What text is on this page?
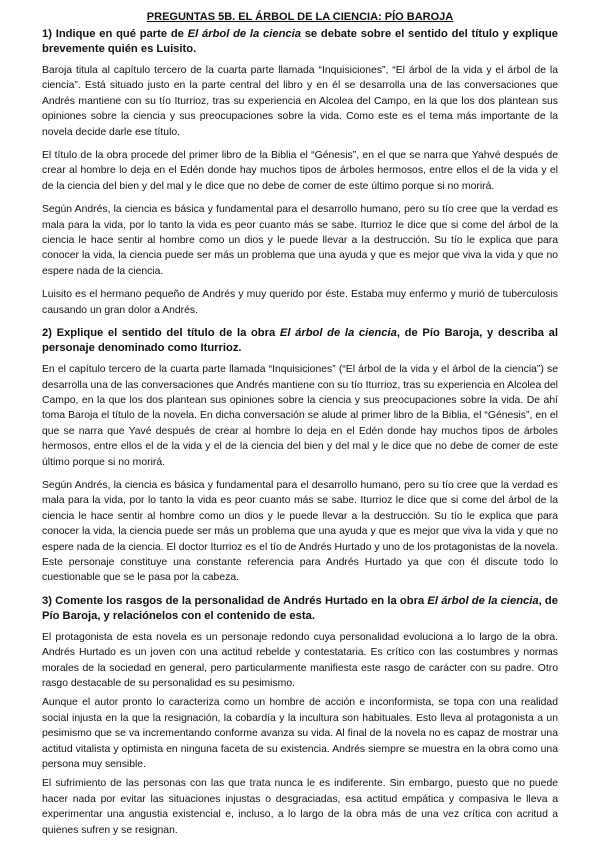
PREGUNTAS 5B. EL ÁRBOL DE LA CIENCIA: PÍO BAROJA
1) Indique en qué parte de El árbol de la ciencia se debate sobre el sentido del título y explique brevemente quién es Luisito.

Baroja titula al capítulo tercero de la cuarta parte llamada “Inquisiciones”, “El árbol de la vida y el árbol de la ciencia”. Está situado justo en la parte central del libro y en él se desarrolla una de las conversaciones que Andrés mantiene con su tío Iturrioz, tras su experiencia en Alcolea del Campo, en la que los dos plantean sus opiniones sobre la ciencia y sus preocupaciones sobre la vida. Como este es el tema más importante de la novela decide darle ese título.

El título de la obra procede del primer libro de la Biblia el “Génesis”, en el que se narra que Yahvé después de crear al hombre lo deja en el Edén donde hay muchos tipos de árboles hermosos, entre ellos el de la vida y el de la ciencia del bien y del mal y le dice que no debe de comer de este último porque si no morirá.

Según Andrés, la ciencia es básica y fundamental para el desarrollo humano, pero su tío cree que la verdad es mala para la vida, por lo tanto la vida es peor cuanto más se sabe. Iturrioz le dice que si come del árbol de la ciencia le hace sentir al hombre como un dios y le puede llevar a la destrucción. Su tío le explica que para conocer la vida, la ciencia puede ser más un problema que una ayuda y que es mejor que viva la vida y que no espere nada de la ciencia.

Luisito es el hermano pequeño de Andrés y muy querido por éste. Estaba muy enfermo y murió de tuberculosis causando un gran dolor a Andrés.

2) Explique el sentido del título de la obra El árbol de la ciencia, de Pío Baroja, y describa al personaje denominado como Iturrioz.

En el capítulo tercero de la cuarta parte llamada “Inquisiciones” (“El árbol de la vida y el árbol de la ciencia”) se desarrolla una de las conversaciones que Andrés mantiene con su tío Iturrioz, tras su experiencia en Alcolea del Campo, en la que los dos plantean sus opiniones sobre la ciencia y sus preocupaciones sobre la vida. De ahí toma Baroja el título de la novela. En dicha conversación se alude al primer libro de la Biblia, el “Génesis”, en el que se narra que Yavé después de crear al hombre lo deja en el Edén donde hay muchos tipos de árboles hermosos, entre ellos el de la vida y el de la ciencia del bien y del mal y le dice que no debe de comer de este último porque si no morirá.

Según Andrés, la ciencia es básica y fundamental para el desarrollo humano, pero su tío cree que la verdad es mala para la vida, por lo tanto la vida es peor cuanto más se sabe. Iturrioz le dice que si come del árbol de la ciencia le hace sentir al hombre como un dios y le puede llevar a la destrucción. Su tío le explica que para conocer la vida, la ciencia puede ser más un problema que una ayuda y que es mejor que viva la vida y que no espere nada de la ciencia. El doctor Iturrioz es el tío de Andrés Hurtado y uno de los protagonistas de la novela. Este personaje constituye una constante referencia para Andrés Hurtado ya que con él discute todo lo cuestionable que se le pasa por la cabeza.

3) Comente los rasgos de la personalidad de Andrés Hurtado en la obra El árbol de la ciencia, de Pío Baroja, y relaciónelos con el contenido de esta.

El protagonista de esta novela es un personaje redondo cuya personalidad evoluciona a lo largo de la obra. Andrés Hurtado es un joven con una actitud rebelde y contestataria. Es crítico con las costumbres y normas morales de la sociedad en general, pero particularmente manifiesta este rasgo de carácter con su padre. Otro rasgo destacable de su personalidad es su pesimismo.

Aunque el autor pronto lo caracteriza como un hombre de acción e inconformista, se topa con una realidad social injusta en la que la resignación, la cobardía y la incultura son habituales. Esto lleva al protagonista a un pesimismo que se va incrementando conforme avanza su vida. Al final de la novela no es capaz de mostrar una actitud vitalista y optimista en ninguna faceta de su existencia. Andrés siempre se muestra en la obra como una persona muy sensible.

El sufrimiento de las personas con las que trata nunca le es indiferente. Sin embargo, puesto que no puede hacer nada por evitar las situaciones injustas o desgraciadas, esa actitud empática y compasiva le lleva a experimentar una angustia existencial e, incluso, a lo largo de la obra más de una vez crítica con acritud a quienes sufren y se resignan.
